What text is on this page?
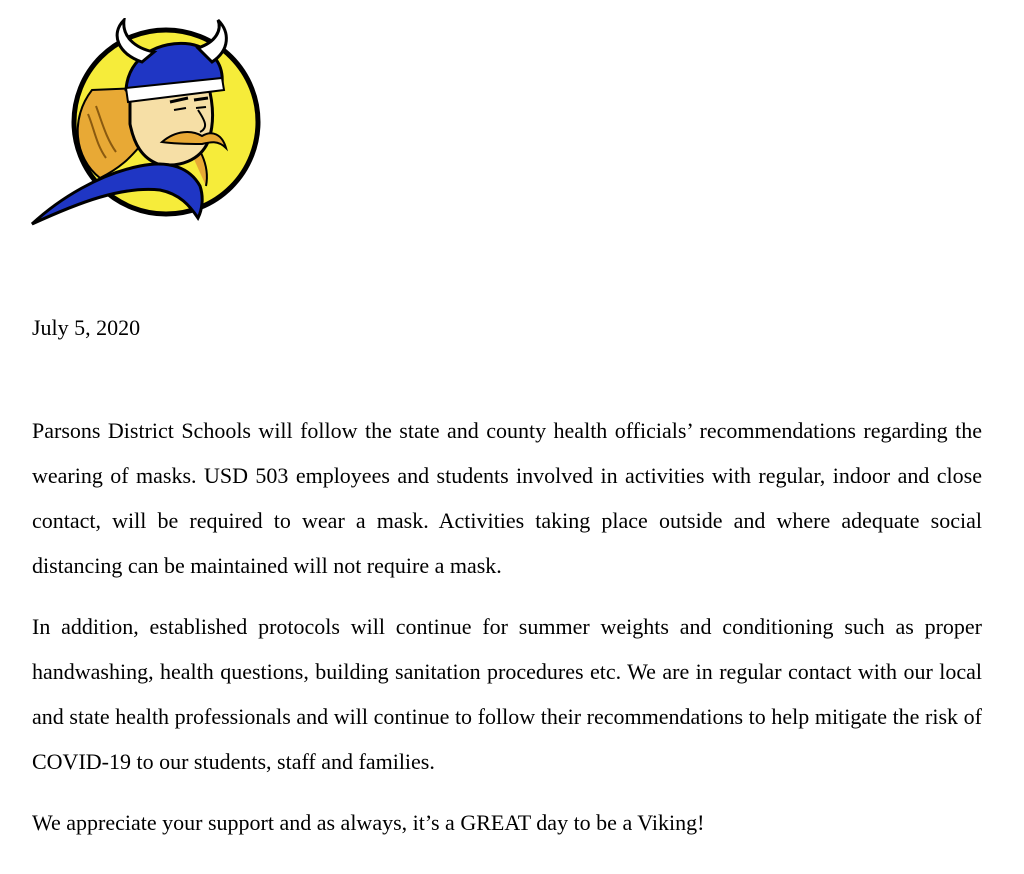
July 5, 2020

Parsons District Schools will follow the state and county health officials’ recommendations regarding the wearing of masks. USD 503 employees and students involved in activities with regular, indoor and close contact, will be required to wear a mask. Activities taking place outside and where adequate social distancing can be maintained will not require a mask.

In addition, established protocols will continue for summer weights and conditioning such as proper handwashing, health questions, building sanitation procedures etc. We are in regular contact with our local and state health professionals and will continue to follow their recommendations to help mitigate the risk of COVID-19 to our students, staff and families.

We appreciate your support and as always, it’s a GREAT day to be a Viking!
